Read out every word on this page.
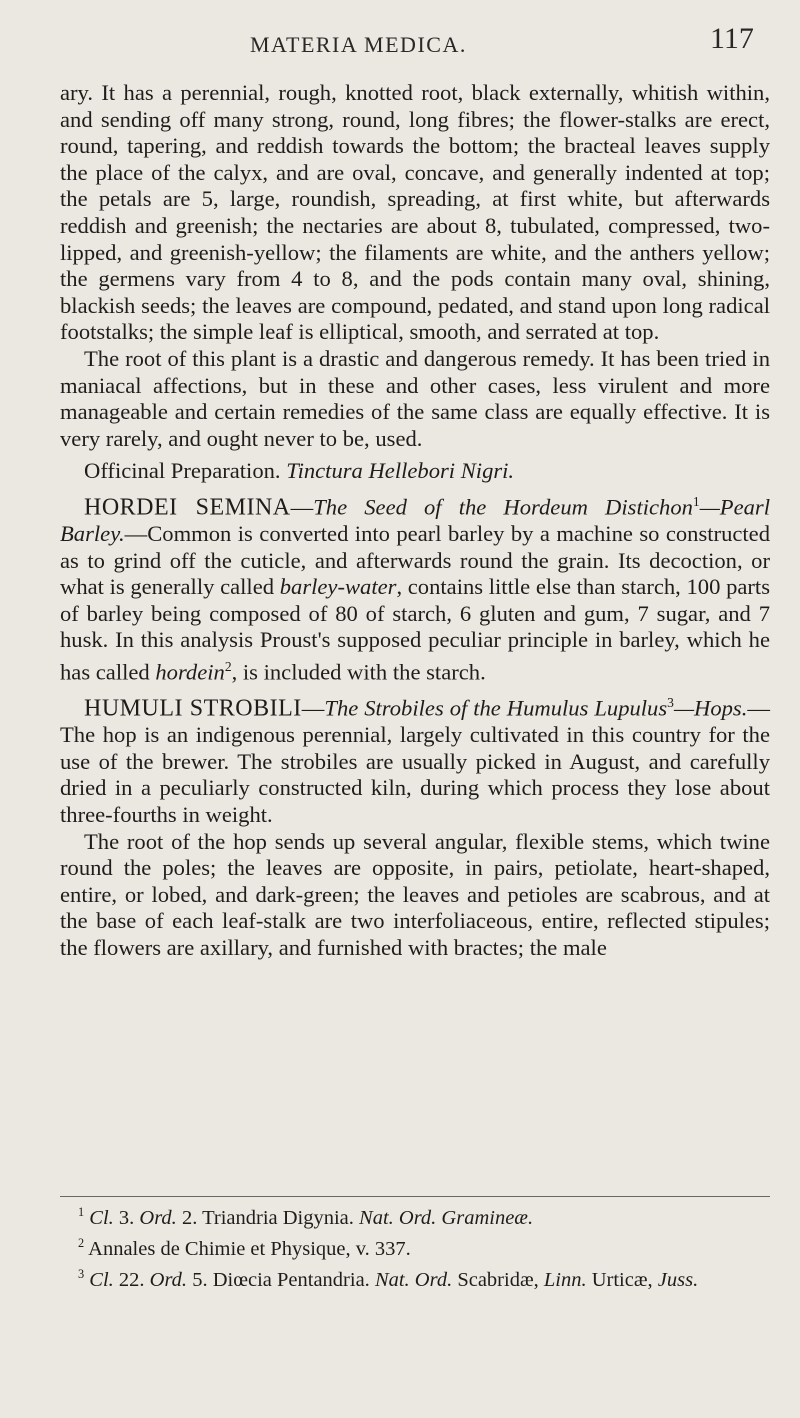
MATERIA MEDICA.	117

ary. It has a perennial, rough, knotted root, black externally, whitish within, and sending off many strong, round, long fibres; the flower-stalks are erect, round, tapering, and reddish towards the bottom; the bracteal leaves supply the place of the calyx, and are oval, concave, and generally indented at top; the petals are 5, large, roundish, spreading, at first white, but afterwards reddish and greenish; the nectaries are about 8, tubulated, compressed, two-lipped, and greenish-yellow; the filaments are white, and the anthers yellow; the germens vary from 4 to 8, and the pods contain many oval, shining, blackish seeds; the leaves are compound, pedated, and stand upon long radical footstalks; the simple leaf is elliptical, smooth, and serrated at top.

The root of this plant is a drastic and dangerous remedy. It has been tried in maniacal affections, but in these and other cases, less virulent and more manageable and certain remedies of the same class are equally effective. It is very rarely, and ought never to be, used.

Officinal Preparation. Tinctura Hellebori Nigri.

HORDEI SEMINA—The Seed of the Hordeum Distichon$^1$—Pearl Barley.—Common is converted into pearl barley by a machine so constructed as to grind off the cuticle, and afterwards round the grain. Its decoction, or what is generally called barley-water, contains little else than starch, 100 parts of barley being composed of 80 of starch, 6 gluten and gum, 7 sugar, and 7 husk. In this analysis Proust's supposed peculiar principle in barley, which he has called hordein$^2$, is included with the starch.

HUMULI STROBILI—The Strobiles of the Humulus Lupulus$^3$—Hops.—The hop is an indigenous perennial, largely cultivated in this country for the use of the brewer. The strobiles are usually picked in August, and carefully dried in a peculiarly constructed kiln, during which process they lose about three-fourths in weight.

The root of the hop sends up several angular, flexible stems, which twine round the poles; the leaves are opposite, in pairs, petiolate, heart-shaped, entire, or lobed, and dark-green; the leaves and petioles are scabrous, and at the base of each leaf-stalk are two interfoliaceous, entire, reflected stipules; the flowers are axillary, and furnished with bractes; the male

$^1$ Cl. 3. Ord. 2. Triandria Digynia. Nat. Ord. Gramineæ.

$^2$ Annales de Chimie et Physique, v. 337.

$^3$ Cl. 22. Ord. 5. Diœcia Pentandria. Nat. Ord. Scabridæ, Linn. Urticæ, Juss.
